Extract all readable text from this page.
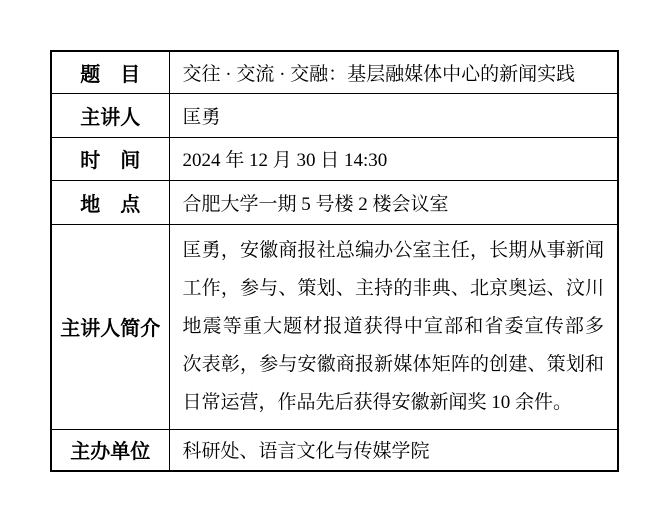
题　目	交往 · 交流 · 交融：基层融媒体中心的新闻实践
主讲人	匡勇
时　间	2024 年 12 月 30 日 14:30
地　点	合肥大学一期 5 号楼 2 楼会议室
主讲人简介	匡勇，安徽商报社总编办公室主任，长期从事新闻
工作，参与、策划、主持的非典、北京奥运、汶川
地震等重大题材报道获得中宣部和省委宣传部多
次表彰，参与安徽商报新媒体矩阵的创建、策划和
日常运营，作品先后获得安徽新闻奖 10 余件。

主办单位	科研处、语言文化与传媒学院
